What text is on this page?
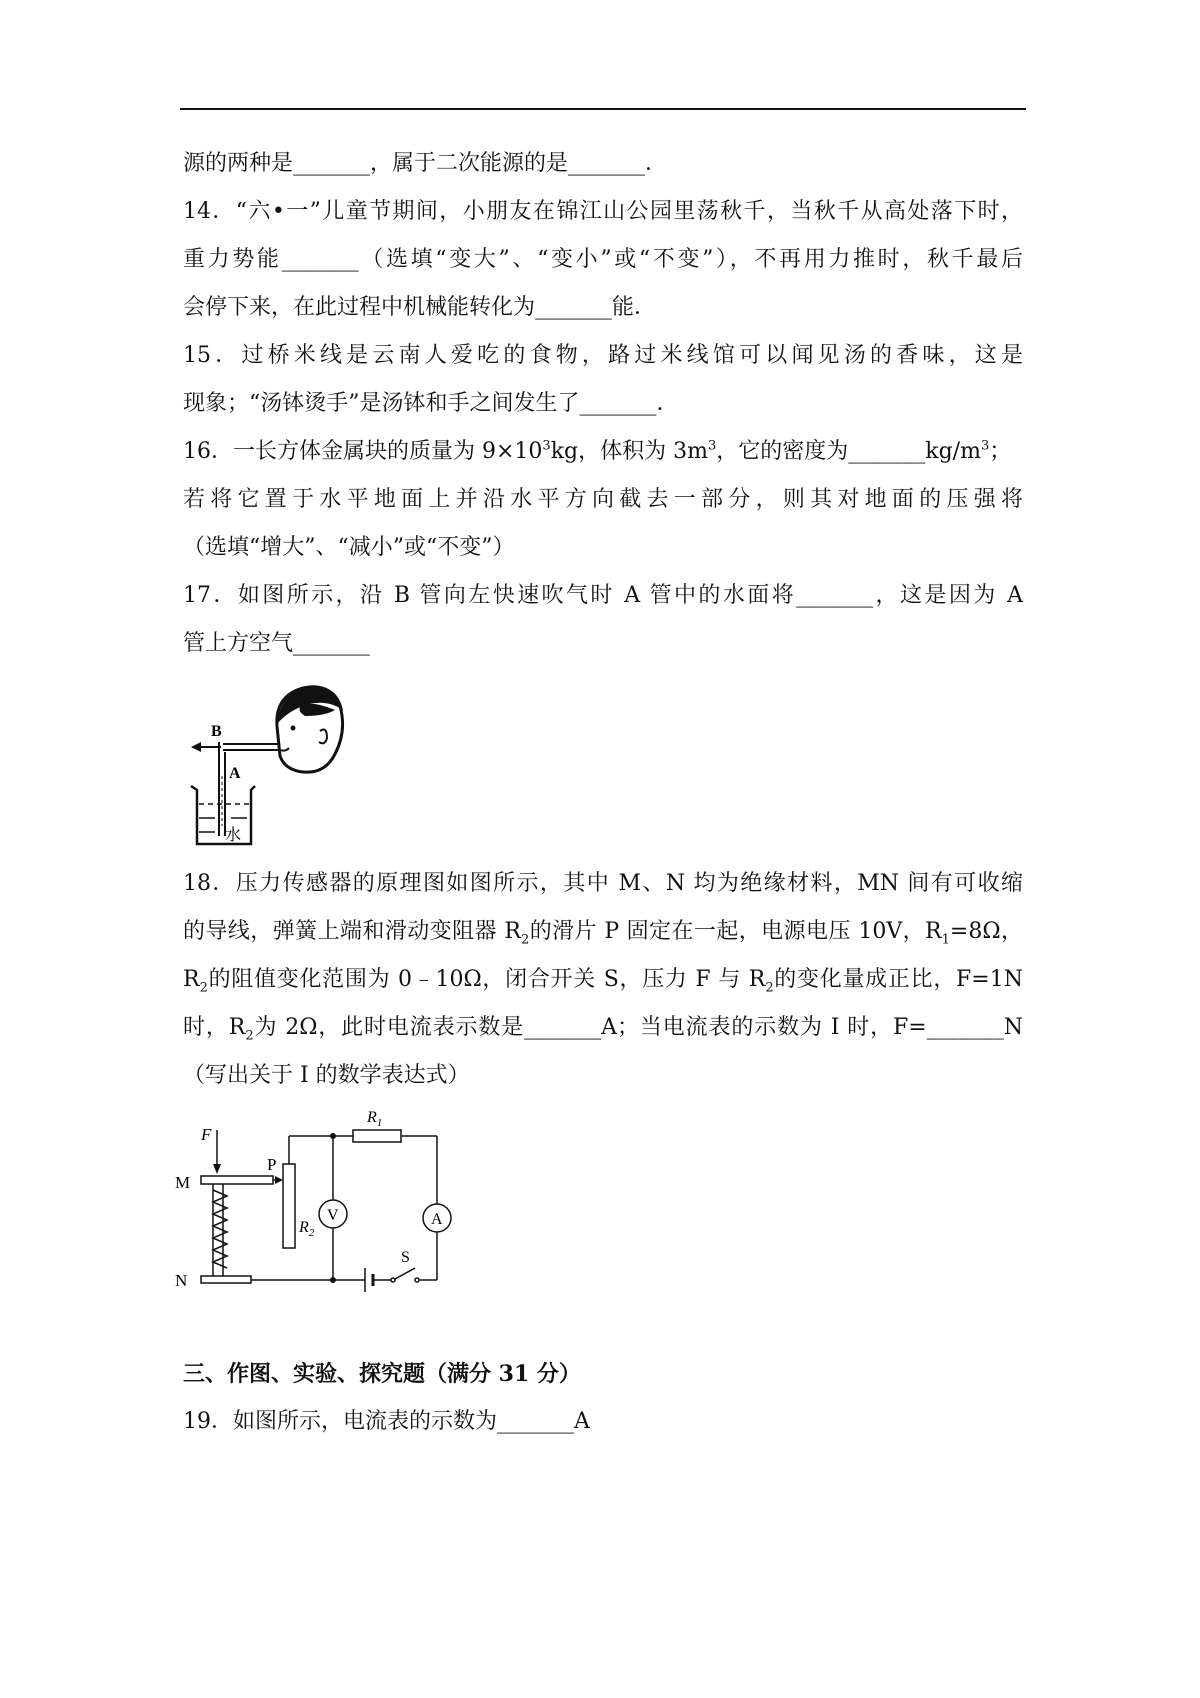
源的两种是_______，属于二次能源的是_______．
14．“六•一”儿童节期间，小朋友在锦江山公园里荡秋千，当秋千从高处落下时，
重力势能_______（选填“变大”、“变小”或“不变”），不再用力推时，秋千最后
会停下来，在此过程中机械能转化为_______能．
15．过桥米线是云南人爱吃的食物，路过米线馆可以闻见汤的香味，这是
现象；“汤钵烫手”是汤钵和手之间发生了_______．
16．一长方体金属块的质量为 $9\times 10^3kg$，体积为 $3m^3$，它的密度为$\_\_\_\_\_\_\_kg/m^3$；
若将它置于水平地面上并沿水平方向截去一部分，则其对地面的压强将
（选填“增大”、“减小”或“不变”）
17．如图所示，沿 B 管向左快速吹气时 A 管中的水面将_______，这是因为 A
管上方空气_______
水
B
A
18．压力传感器的原理图如图所示，其中 M、N 均为绝缘材料，MN 间有可收缩
的导线，弹簧上端和滑动变阻器 $R_2$的滑片 P 固定在一起，电源电压 10V，$R_1=8\Omega$，
$R_2$的阻值变化范围为 0﹣10Ω，闭合开关 S，压力 F 与 $R_2$的变化量成正比，F=1N
时，$R_2$为 2Ω，此时电流表示数是_______A；当电流表的示数为 I 时，F=_______N
（写出关于 I 的数学表达式）
F
M
N
P
$R_2$
$R_1$
A
V
S
三、作图、实验、探究题（满分 31 分）
19．如图所示，电流表的示数为_______A
